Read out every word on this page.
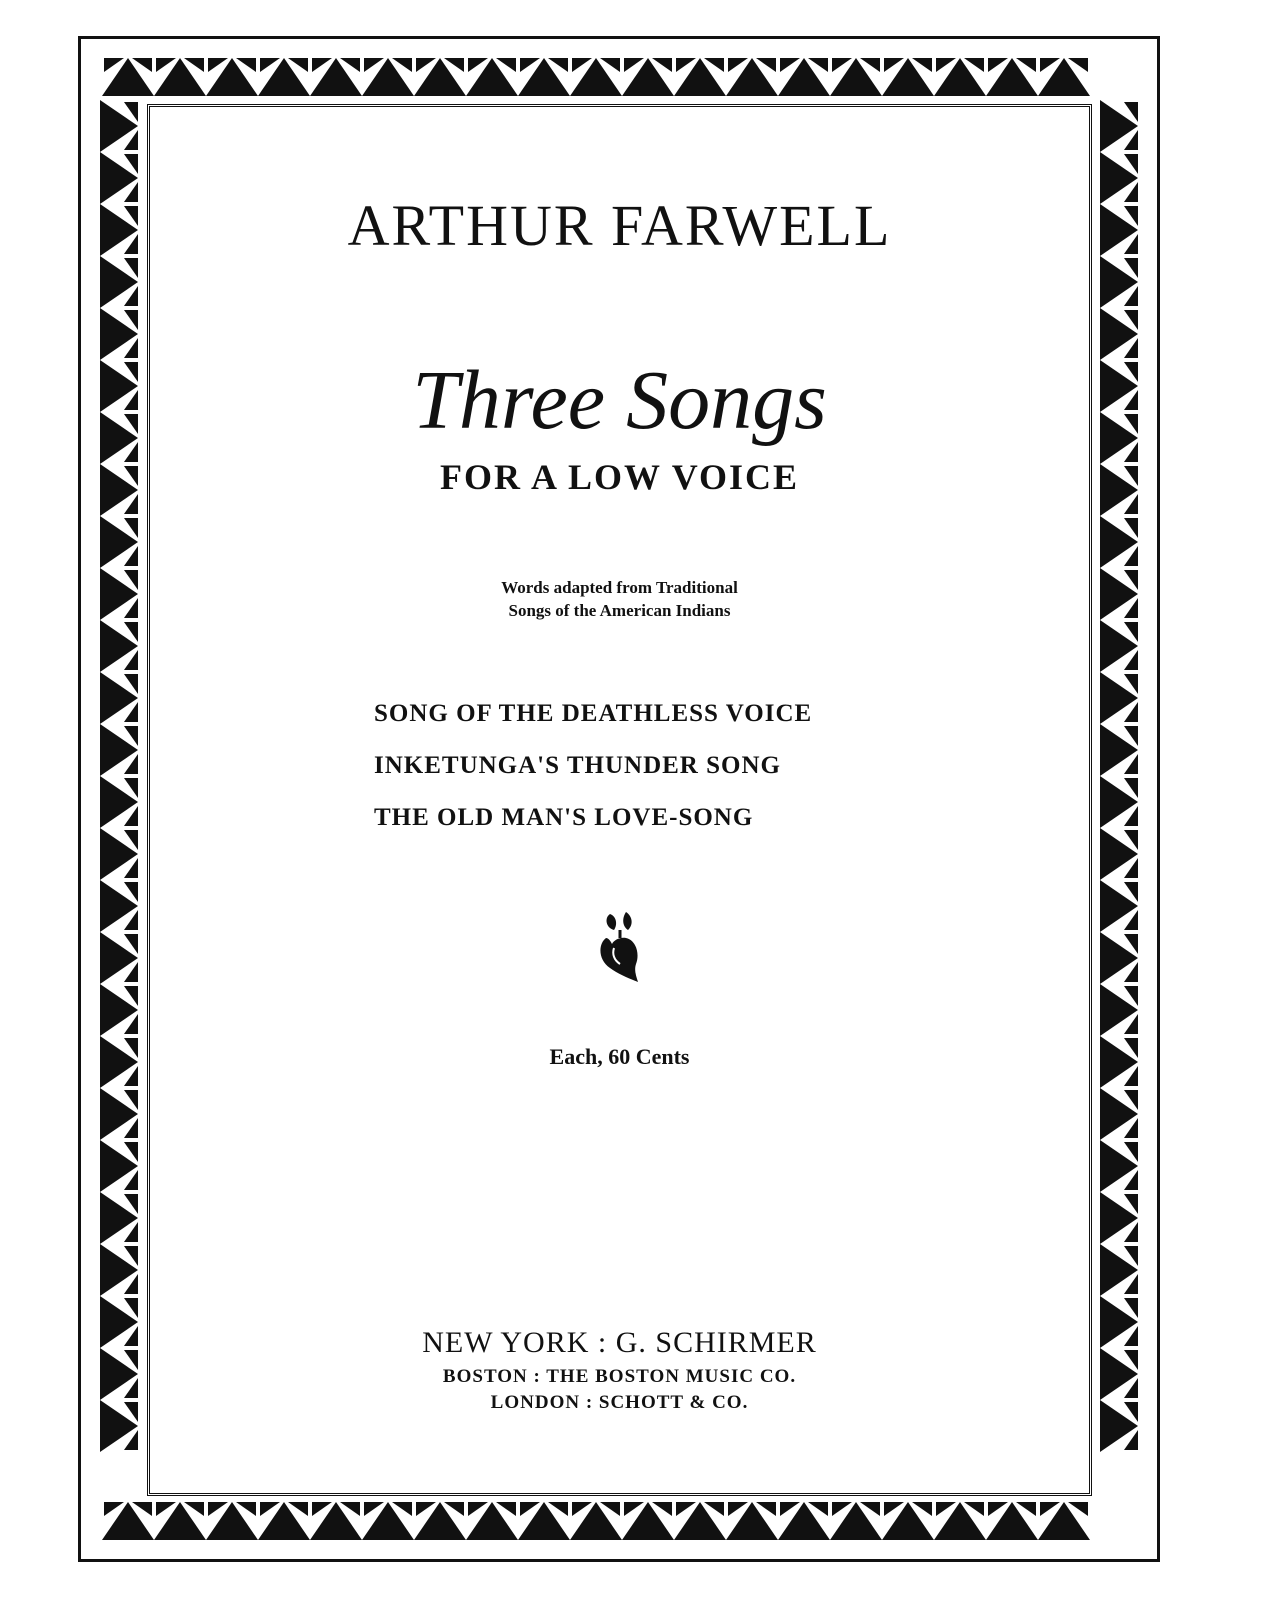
ARTHUR FARWELL
Three Songs
FOR A LOW VOICE
Words adapted from Traditional
Songs of the American Indians
SONG OF THE DEATHLESS VOICE
INKETUNGA'S THUNDER SONG
THE OLD MAN'S LOVE-SONG
Each, 60 Cents
NEW YORK : G. SCHIRMER
BOSTON : THE BOSTON MUSIC CO.
LONDON : SCHOTT & CO.
